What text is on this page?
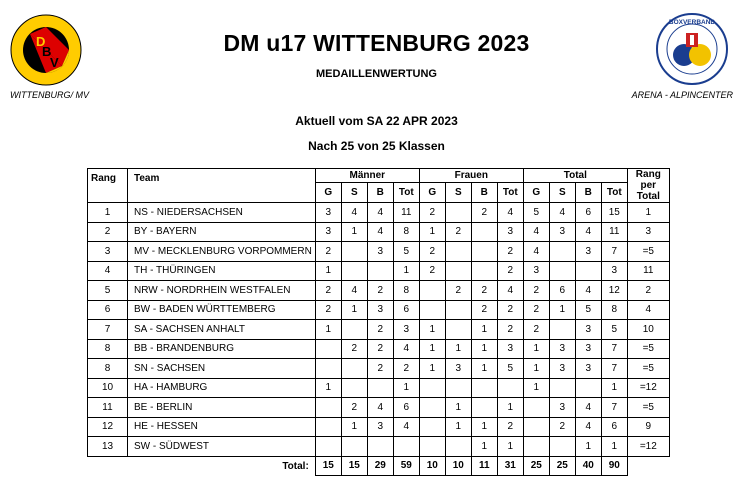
D
B
V
BOXVERBAND
WITTENBURG/ MV	ARENA - ALPINCENTER
DM u17 WITTENBURG 2023
MEDAILLENWERTUNG
Aktuell vom SA 22 APR 2023
Nach 25 von 25 Klassen
Rang	Team	Männer				Frauen				Total				Rang
per
Total
		G	S	B	Tot	G	S	B	Tot	G	S	B	Tot	
1	NS - NIEDERSACHSEN	3	4	4	11	2		2	4	5	4	6	15	1
2	BY - BAYERN	3	1	4	8	1	2		3	4	3	4	11	3
3	MV - MECKLENBURG VORPOMMERN	2		3	5	2			2	4		3	7	=5
4	TH - THÜRINGEN	1			1	2			2	3			3	11
5	NRW - NORDRHEIN WESTFALEN	2	4	2	8		2	2	4	2	6	4	12	2
6	BW - BADEN WÜRTTEMBERG	2	1	3	6			2	2	2	1	5	8	4
7	SA - SACHSEN ANHALT	1		2	3	1		1	2	2		3	5	10
8	BB - BRANDENBURG		2	2	4	1	1	1	3	1	3	3	7	=5
8	SN - SACHSEN			2	2	1	3	1	5	1	3	3	7	=5
10	HA - HAMBURG	1			1					1			1	=12
11	BE - BERLIN		2	4	6		1		1		3	4	7	=5
12	HE - HESSEN		1	3	4		1	1	2		2	4	6	9
13	SW - SÜDWEST							1	1			1	1	=12
	Total:	15	15	29	59	10	10	11	31	25	25	40	90	
